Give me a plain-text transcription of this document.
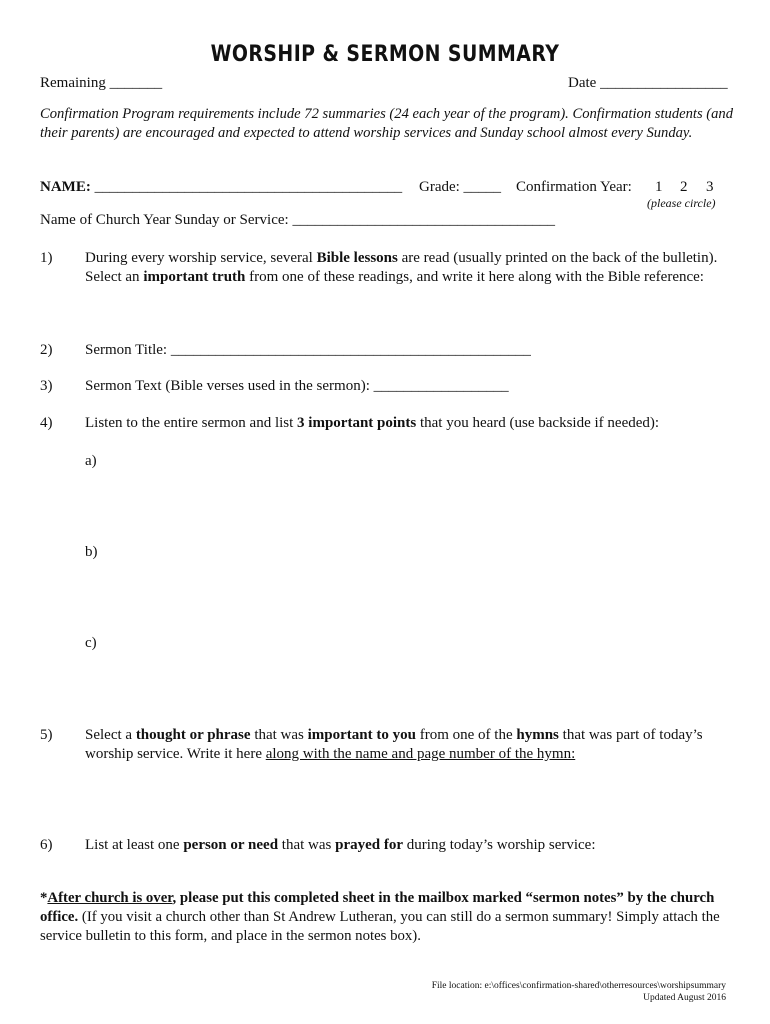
WORSHIP & SERMON SUMMARY
Remaining _______	Date _________________
Confirmation Program requirements include 72 summaries (24 each year of the program). Confirmation students (and their parents) are encouraged and expected to attend worship services and Sunday school almost every Sunday.
NAME: _________________________________________ Grade: _____ Confirmation Year: 1 2 3
(please circle)
Name of Church Year Sunday or Service: ___________________________________
1) During every worship service, several Bible lessons are read (usually printed on the back of the bulletin).
Select an important truth from one of these readings, and write it here along with the Bible reference:
2) Sermon Title: ________________________________________________
3) Sermon Text (Bible verses used in the sermon): __________________
4) Listen to the entire sermon and list 3 important points that you heard (use backside if needed):
a)
b)
c)
5) Select a thought or phrase that was important to you from one of the hymns that was part of today’s
worship service. Write it here along with the name and page number of the hymn:
6) List at least one person or need that was prayed for during today’s worship service:
*After church is over, please put this completed sheet in the mailbox marked “sermon notes” by the church office. (If you visit a church other than St Andrew Lutheran, you can still do a sermon summary! Simply attach the service bulletin to this form, and place in the sermon notes box).
File location: e:\offices\confirmation-shared\otherresources\worshipsummary
Updated August 2016
